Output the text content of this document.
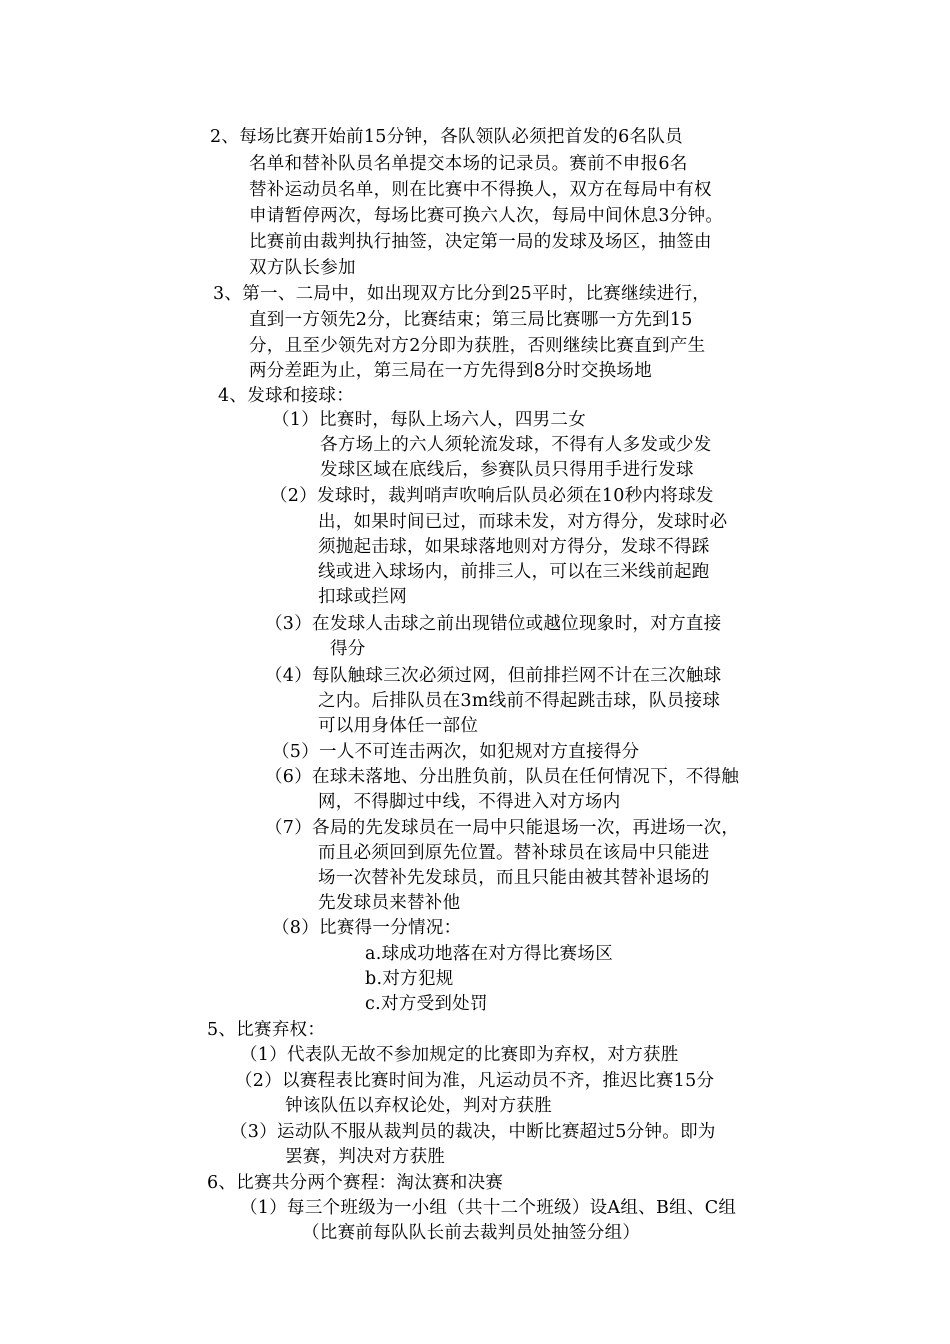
2、每场比赛开始前15分钟，各队领队必须把首发的6名队员
名单和替补队员名单提交本场的记录员。赛前不申报6名
替补运动员名单，则在比赛中不得换人，双方在每局中有权
申请暂停两次，每场比赛可换六人次，每局中间休息3分钟。
比赛前由裁判执行抽签，决定第一局的发球及场区，抽签由
双方队长参加
3、第一、二局中，如出现双方比分到25平时，比赛继续进行，
直到一方领先2分，比赛结束；第三局比赛哪一方先到15
分，且至少领先对方2分即为获胜，否则继续比赛直到产生
两分差距为止，第三局在一方先得到8分时交换场地
4、发球和接球：
（1）比赛时，每队上场六人，四男二女
各方场上的六人须轮流发球，不得有人多发或少发
发球区域在底线后，参赛队员只得用手进行发球
（2）发球时，裁判哨声吹响后队员必须在10秒内将球发
出，如果时间已过，而球未发，对方得分，发球时必
须抛起击球，如果球落地则对方得分，发球不得踩
线或进入球场内，前排三人，可以在三米线前起跑
扣球或拦网
（3）在发球人击球之前出现错位或越位现象时，对方直接
得分
（4）每队触球三次必须过网，但前排拦网不计在三次触球
之内。后排队员在3m线前不得起跳击球，队员接球
可以用身体任一部位
（5）一人不可连击两次，如犯规对方直接得分
（6）在球未落地、分出胜负前，队员在任何情况下，不得触
网，不得脚过中线，不得进入对方场内
（7）各局的先发球员在一局中只能退场一次，再进场一次，
而且必须回到原先位置。替补球员在该局中只能进
场一次替补先发球员，而且只能由被其替补退场的
先发球员来替补他
（8）比赛得一分情况：
a.球成功地落在对方得比赛场区
b.对方犯规
c.对方受到处罚
5、比赛弃权：
（1）代表队无故不参加规定的比赛即为弃权，对方获胜
（2）以赛程表比赛时间为准，凡运动员不齐，推迟比赛15分
钟该队伍以弃权论处，判对方获胜
（3）运动队不服从裁判员的裁决，中断比赛超过5分钟。即为
罢赛，判决对方获胜
6、比赛共分两个赛程：淘汰赛和决赛
（1）每三个班级为一小组（共十二个班级）设A组、B组、C组
（比赛前每队队长前去裁判员处抽签分组）
